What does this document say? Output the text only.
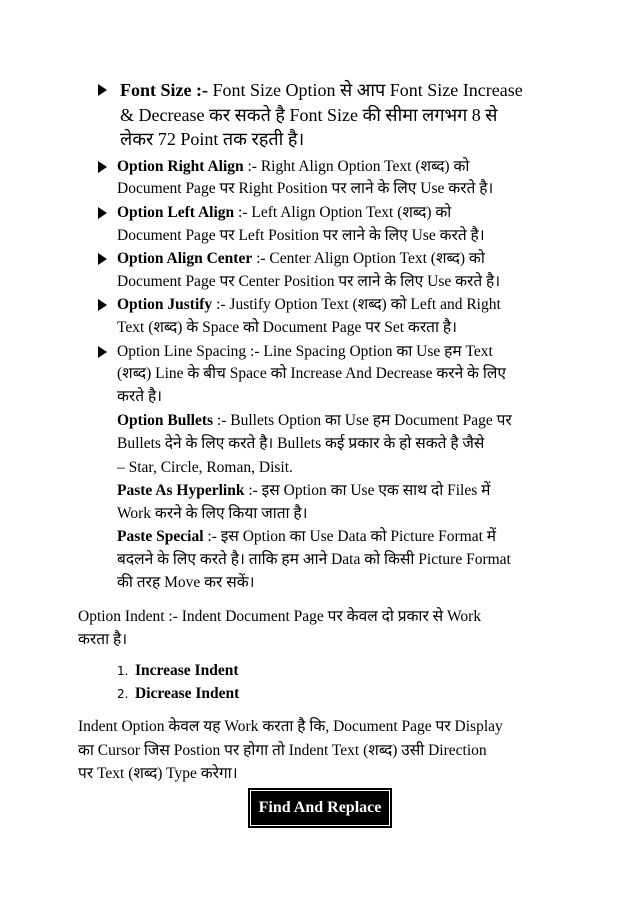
Font Size :- Font Size Option से आप Font Size Increase
& Decrease कर सकते है Font Size की सीमा लगभग 8 से
लेकर 72 Point तक रहती है।
Option Right Align :- Right Align Option Text (शब्द) को
Document Page पर Right Position पर लाने के लिए Use करते है।
Option Left Align :- Left Align Option Text (शब्द) को
Document Page पर Left Position पर लाने के लिए Use करते है।
Option Align Center :- Center Align Option Text (शब्द) को
Document Page पर Center Position पर लाने के लिए Use करते है।
Option Justify :- Justify Option Text (शब्द) को Left and Right
Text (शब्द) के Space को Document Page पर Set करता है।
Option Line Spacing :- Line Spacing Option का Use हम Text
(शब्द) Line के बीच Space को Increase And Decrease करने के लिए
करते है।
Option Bullets :- Bullets Option का Use हम Document Page पर
Bullets देने के लिए करते है। Bullets कई प्रकार के हो सकते है जैसे
– Star, Circle, Roman, Disit.
Paste As Hyperlink :- इस Option का Use एक साथ दो Files में
Work करने के लिए किया जाता है।
Paste Special :- इस Option का Use Data को Picture Format में
बदलने के लिए करते है। ताकि हम आने Data को किसी Picture Format
की तरह Move कर सकें।
Option Indent :- Indent Document Page पर केवल दो प्रकार से Work
करता है।
1. Increase Indent
2. Dicrease Indent
Indent Option केवल यह Work करता है कि, Document Page पर Display
का Cursor जिस Postion पर होगा तो Indent Text (शब्द) उसी Direction
पर Text (शब्द) Type करेगा।
Find And Replace
